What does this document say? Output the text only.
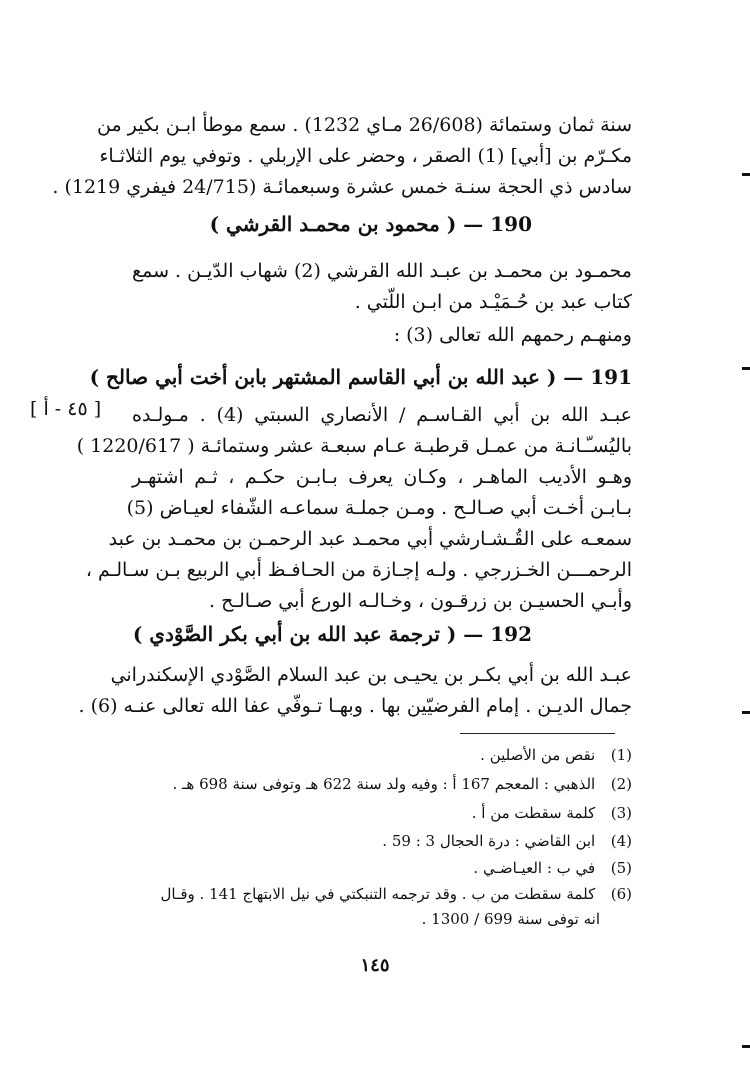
سنة ثمان وستمائة (26/608 مـاي 1232) . سمع موطأ ابـن بكير من
مكـرّم بن [أبي] (1) الصقر ، وحضر على الإربلي . وتوفي يوم الثلاثـاء
سادس ذي الحجة سنـة خمس عشرة وسبعمائـة (24/715 فيفري 1219) .
190 — ( محمود بن محمـد القرشي )
محمـود بن محمـد بن عبـد الله القرشي (2) شهاب الدّيـن . سمع
كتاب عبد بن حُـمَيْـد من ابـن اللّتي .
ومنهـم رحمهم الله تعالى (3) :
191 — ( عبد الله بن أبي القاسم المشتهر بابن أخت أبي صالح )
[ ٤٥ - أ ] عبـد الله بن أبي القـاسـم / الأنصاري السبتي (4) . مـولـده
باليُسـّـانـة من عمـل قرطبـة عـام سبعـة عشر وستمائـة ( 1220/617 )
وهـو الأديب الماهـر ، وكـان يعرف بـابـن حكـم ، ثـم اشتهـر
بـابـن أخـت أبي صـالـح . ومـن جملـة سماعـه الشّفاء لعيـاض (5)
سمعـه على القُـشـارشي أبي محمـد عبد الرحمـن بن محمـد بن عبد
الرحمـــن الخـزرجي . ولـه إجـازة من الحـافـظ أبي الربيع بـن سـالـم ،
وأبـي الحسيـن بن زرقـون ، وخـالـه الورع أبي صـالـح .
192 — ( ترجمة عبد الله بن أبي بكر الصَّوْدي )
عبـد الله بن أبي بكـر بن يحيـى بن عبد السلام الصَّوْدي الإسكندراني
جمال الديـن . إمام الفرضيّين بها . وبهـا تـوفّي عفا الله تعالى عنـه (6) .
(1) نقص من الأصلين .
(2) الذهبي : المعجم 167 أ : وفيه ولد سنة 622 هـ وتوفى سنة 698 هـ .
(3) كلمة سقطت من أ .
(4) ابن القاضي : درة الحجال 3 : 59 .
(5) في ب : العيـاضـي .
(6) كلمة سقطت من ب . وقد ترجمه التنبكتي في نيل الابتهاج 141 . وقـال
انه توفى سنة 699 / 1300 .
١٤٥
